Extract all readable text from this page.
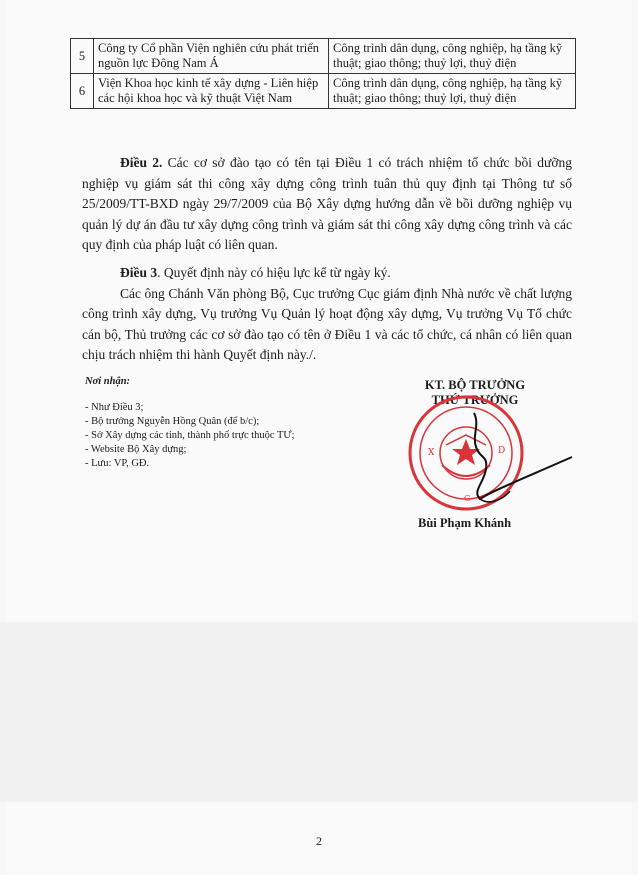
5	Công ty Cổ phần Viện nghiên cứu phát triển nguồn lực Đông Nam Á	Công trình dân dụng, công nghiệp, hạ tầng kỹ thuật; giao thông; thuỷ lợi, thuỷ điện
6	Viện Khoa học kinh tế xây dựng - Liên hiệp các hội khoa học và kỹ thuật Việt Nam	Công trình dân dụng, công nghiệp, hạ tầng kỹ thuật; giao thông; thuỷ lợi, thuỷ điện
Điều 2. Các cơ sở đào tạo có tên tại Điều 1 có trách nhiệm tổ chức bồi dưỡng nghiệp vụ giám sát thi công xây dựng công trình tuân thủ quy định tại Thông tư số 25/2009/TT-BXD ngày 29/7/2009 của Bộ Xây dựng hướng dẫn về bồi dưỡng nghiệp vụ quản lý dự án đầu tư xây dựng công trình và giám sát thi công xây dựng công trình và các quy định của pháp luật có liên quan.
Điều 3. Quyết định này có hiệu lực kể từ ngày ký.
Các ông Chánh Văn phòng Bộ, Cục trưởng Cục giám định Nhà nước về chất lượng công trình xây dựng, Vụ trưởng Vụ Quản lý hoạt động xây dựng, Vụ trưởng Vụ Tổ chức cán bộ, Thủ trưởng các cơ sở đào tạo có tên ở Điều 1 và các tổ chức, cá nhân có liên quan chịu trách nhiệm thi hành Quyết định này./.
Nơi nhận:
- Như Điều 3;
- Bộ trưởng Nguyễn Hồng Quân (để b/c);
- Sở Xây dựng các tỉnh, thành phố trực thuộc TƯ;
- Website Bộ Xây dựng;
- Lưu: VP, GĐ.
KT. BỘ TRƯỞNG
THỨ TRƯỞNG
X	D
G
Bùi Phạm Khánh
2
